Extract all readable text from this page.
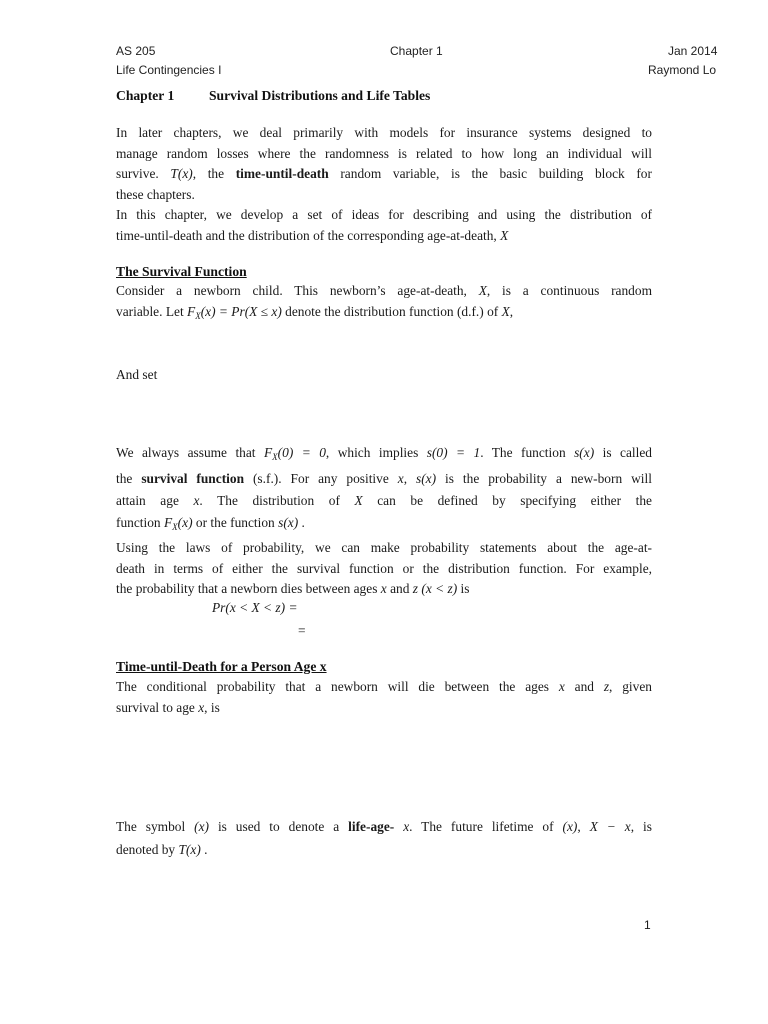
AS 205	Chapter 1	Jan 2014
Life Contingencies I	Raymond Lo
Chapter 1	Survival Distributions and Life Tables
In later chapters, we deal primarily with models for insurance systems designed to
manage random losses where the randomness is related to how long an individual will
survive. T(x), the time-until-death random variable, is the basic building block for
these chapters.
In this chapter, we develop a set of ideas for describing and using the distribution of
time-until-death and the distribution of the corresponding age-at-death, X
The Survival Function
Consider a newborn child. This newborn’s age-at-death, X, is a continuous random
variable. Let $F_X(x) = Pr(X \le x)$ denote the distribution function (d.f.) of X,
And set
We always assume that $F_X(0) = 0$, which implies s(0) = 1. The function s(x) is called
the survival function (s.f.). For any positive x, s(x) is the probability a new-born will
attain age x. The distribution of X can be defined by specifying either the
function $F_X(x)$ or the function s(x) .
Using the laws of probability, we can make probability statements about the age-at-
death in terms of either the survival function or the distribution function. For example,
the probability that a newborn dies between ages x and z (x < z) is
Pr(x < X < z) =
=
Time-until-Death for a Person Age x
The conditional probability that a newborn will die between the ages x and z, given
survival to age x, is
The symbol (x) is used to denote a life-age- x. The future lifetime of (x), X − x, is
denoted by T(x) .
1
